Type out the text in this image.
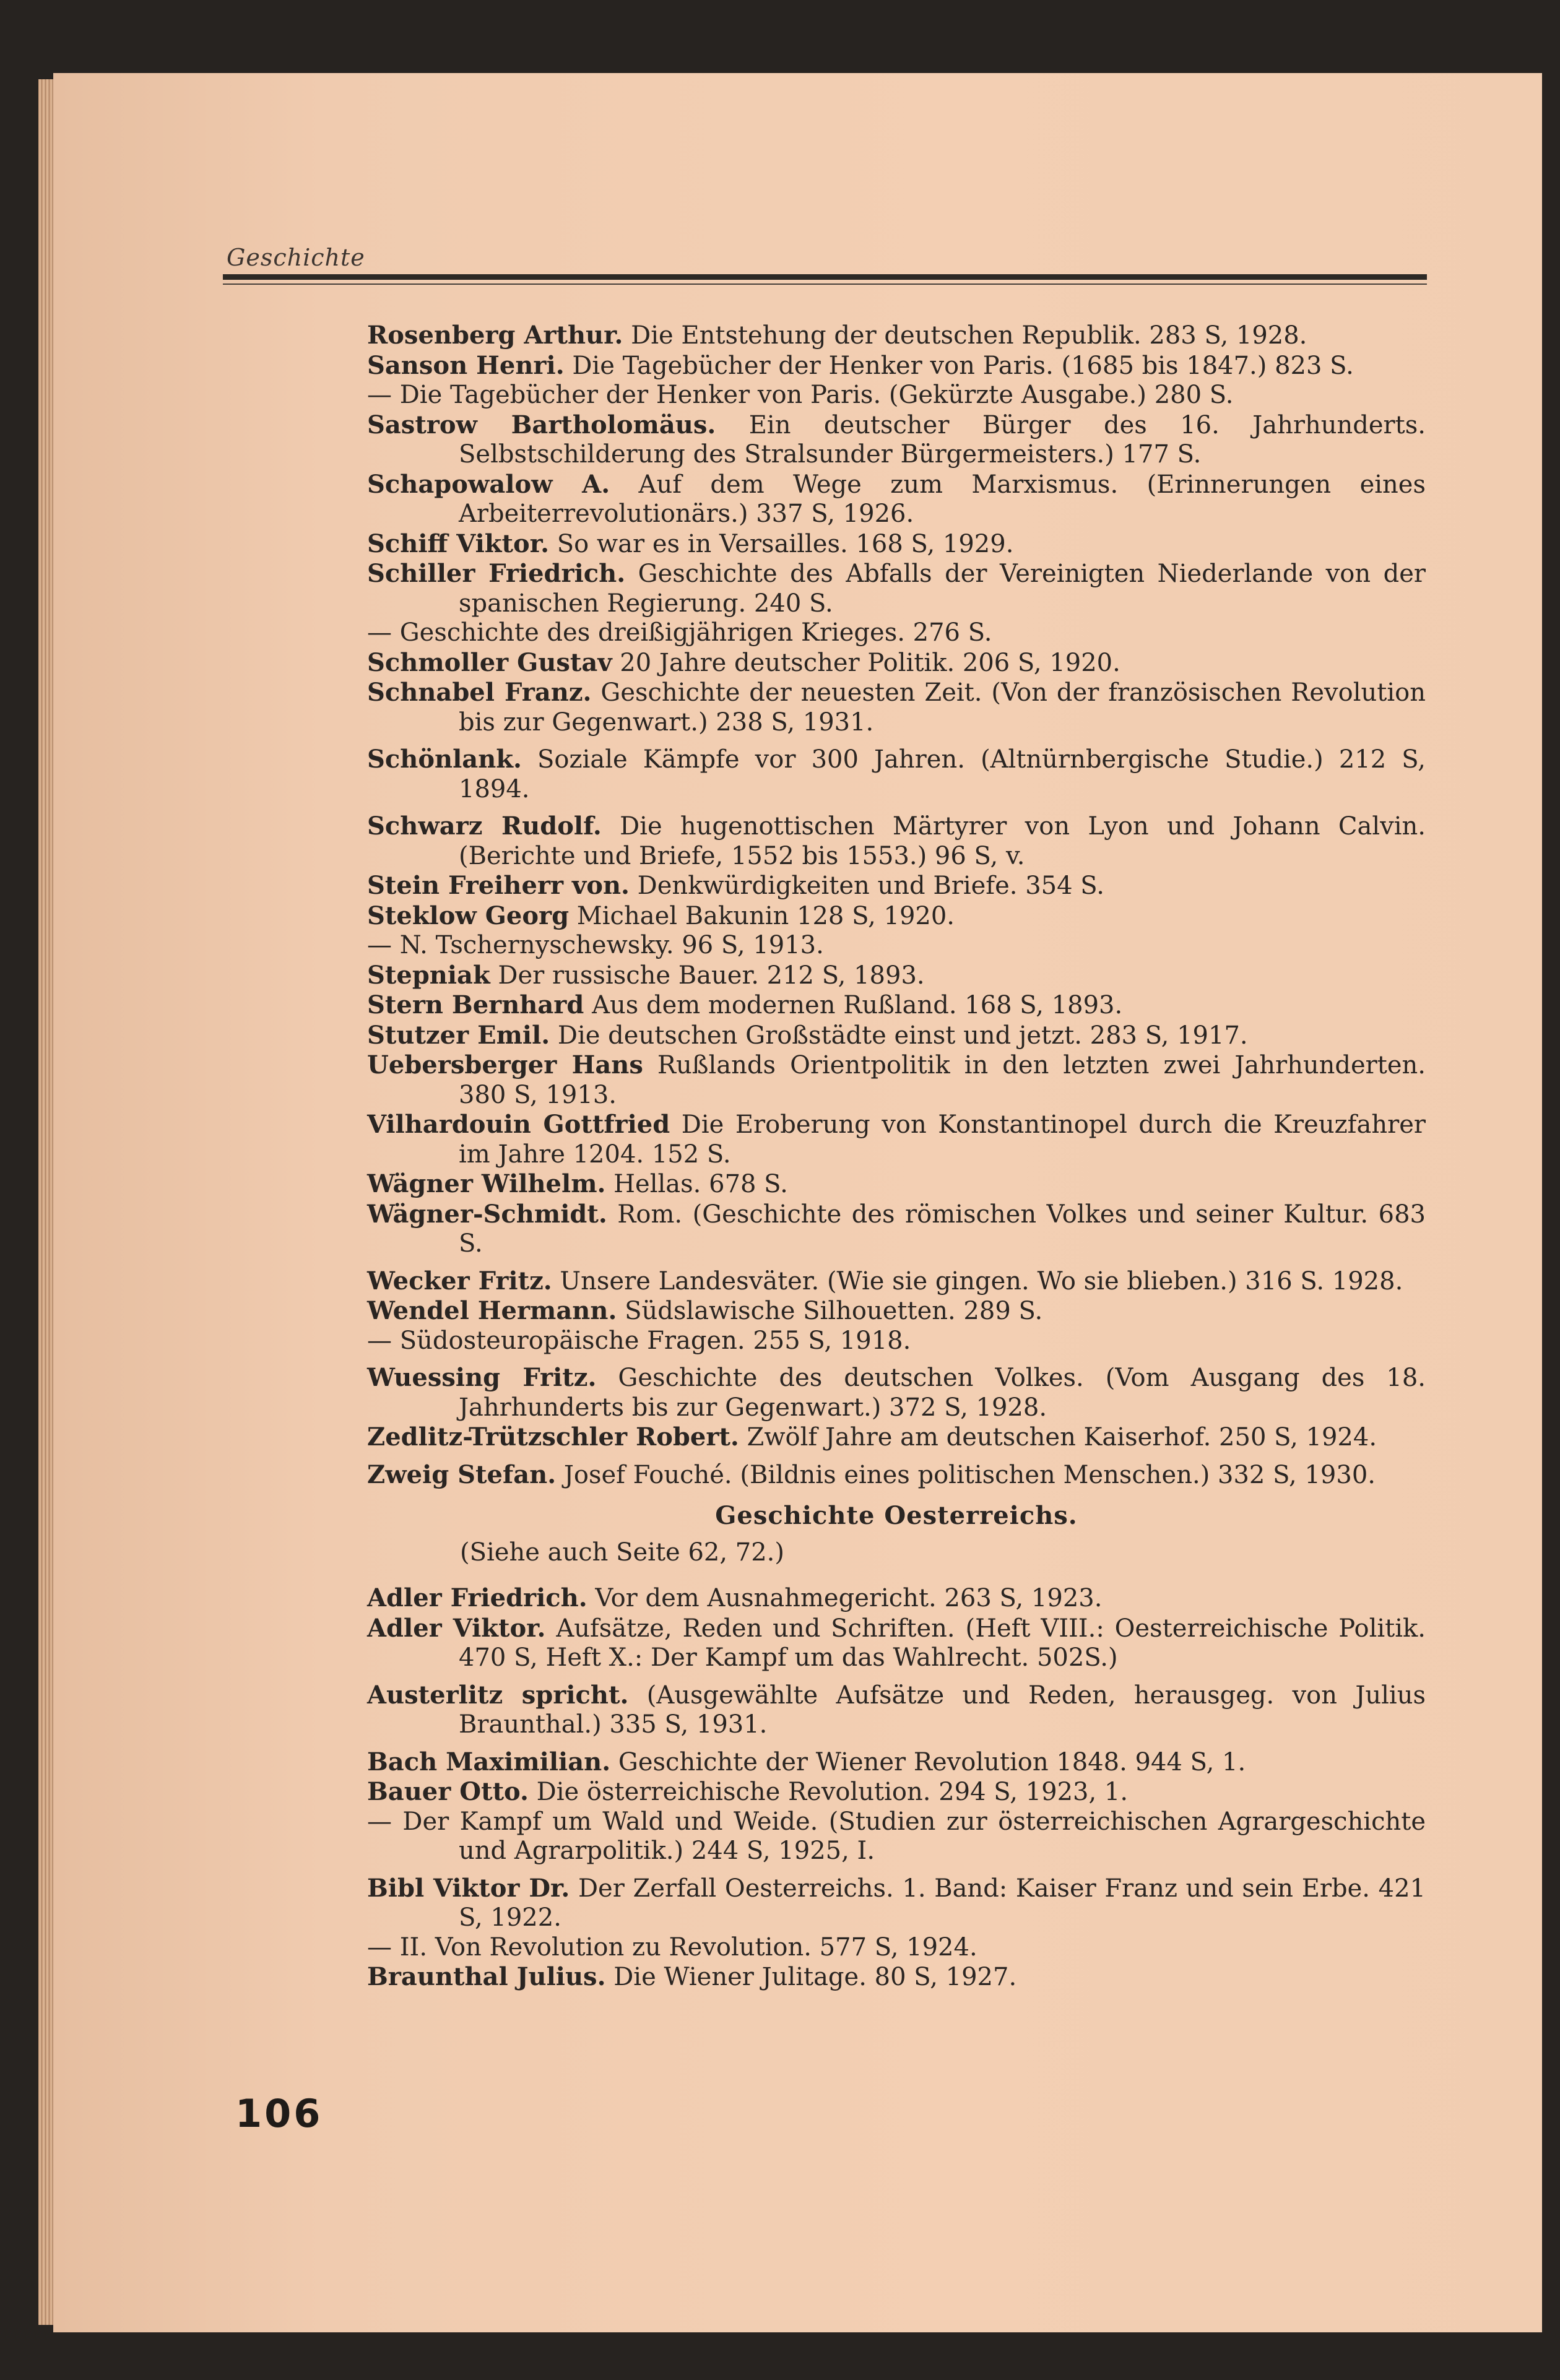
Geschichte
Rosenberg Arthur. Die Entstehung der deutschen Republik. 283 S, 1928.
Sanson Henri. Die Tagebücher der Henker von Paris. (1685 bis 1847.) 823 S.
— Die Tagebücher der Henker von Paris. (Gekürzte Ausgabe.) 280 S.
Sastrow Bartholomäus. Ein deutscher Bürger des 16. Jahrhunderts. Selbstschilderung des Stralsunder Bürgermeisters.) 177 S.
Schapowalow A. Auf dem Wege zum Marxismus. (Erinnerungen eines Arbeiterrevolutionärs.) 337 S, 1926.
Schiff Viktor. So war es in Versailles. 168 S, 1929.
Schiller Friedrich. Geschichte des Abfalls der Vereinigten Niederlande von der spanischen Regierung. 240 S.
— Geschichte des dreißigjährigen Krieges. 276 S.
Schmoller Gustav 20 Jahre deutscher Politik. 206 S, 1920.
Schnabel Franz. Geschichte der neuesten Zeit. (Von der französischen Revolution bis zur Gegenwart.) 238 S, 1931.
Schönlank. Soziale Kämpfe vor 300 Jahren. (Altnürnbergische Studie.) 212 S, 1894.
Schwarz Rudolf. Die hugenottischen Märtyrer von Lyon und Johann Calvin. (Berichte und Briefe, 1552 bis 1553.) 96 S, v.
Stein Freiherr von. Denkwürdigkeiten und Briefe. 354 S.
Steklow Georg Michael Bakunin 128 S, 1920.
— N. Tschernyschewsky. 96 S, 1913.
Stepniak Der russische Bauer. 212 S, 1893.
Stern Bernhard Aus dem modernen Rußland. 168 S, 1893.
Stutzer Emil. Die deutschen Großstädte einst und jetzt. 283 S, 1917.
Uebersberger Hans Rußlands Orientpolitik in den letzten zwei Jahrhunderten. 380 S, 1913.
Vilhardouin Gottfried Die Eroberung von Konstantinopel durch die Kreuzfahrer im Jahre 1204. 152 S.
Wägner Wilhelm. Hellas. 678 S.
Wägner-Schmidt. Rom. (Geschichte des römischen Volkes und seiner Kultur. 683 S.
Wecker Fritz. Unsere Landesväter. (Wie sie gingen. Wo sie blieben.) 316 S. 1928.
Wendel Hermann. Südslawische Silhouetten. 289 S.
— Südosteuropäische Fragen. 255 S, 1918.
Wuessing Fritz. Geschichte des deutschen Volkes. (Vom Ausgang des 18. Jahrhunderts bis zur Gegenwart.) 372 S, 1928.
Zedlitz-Trützschler Robert. Zwölf Jahre am deutschen Kaiserhof. 250 S, 1924.
Zweig Stefan. Josef Fouché. (Bildnis eines politischen Menschen.) 332 S, 1930.
Geschichte Oesterreichs.
(Siehe auch Seite 62, 72.)
Adler Friedrich. Vor dem Ausnahmegericht. 263 S, 1923.
Adler Viktor. Aufsätze, Reden und Schriften. (Heft VIII.: Oesterreichische Politik. 470 S, Heft X.: Der Kampf um das Wahlrecht. 502S.)
Austerlitz spricht. (Ausgewählte Aufsätze und Reden, herausgeg. von Julius Braunthal.) 335 S, 1931.
Bach Maximilian. Geschichte der Wiener Revolution 1848. 944 S, 1.
Bauer Otto. Die österreichische Revolution. 294 S, 1923, 1.
— Der Kampf um Wald und Weide. (Studien zur österreichischen Agrargeschichte und Agrarpolitik.) 244 S, 1925, I.
Bibl Viktor Dr. Der Zerfall Oesterreichs. 1. Band: Kaiser Franz und sein Erbe. 421 S, 1922.
— II. Von Revolution zu Revolution. 577 S, 1924.
Braunthal Julius. Die Wiener Julitage. 80 S, 1927.
106
